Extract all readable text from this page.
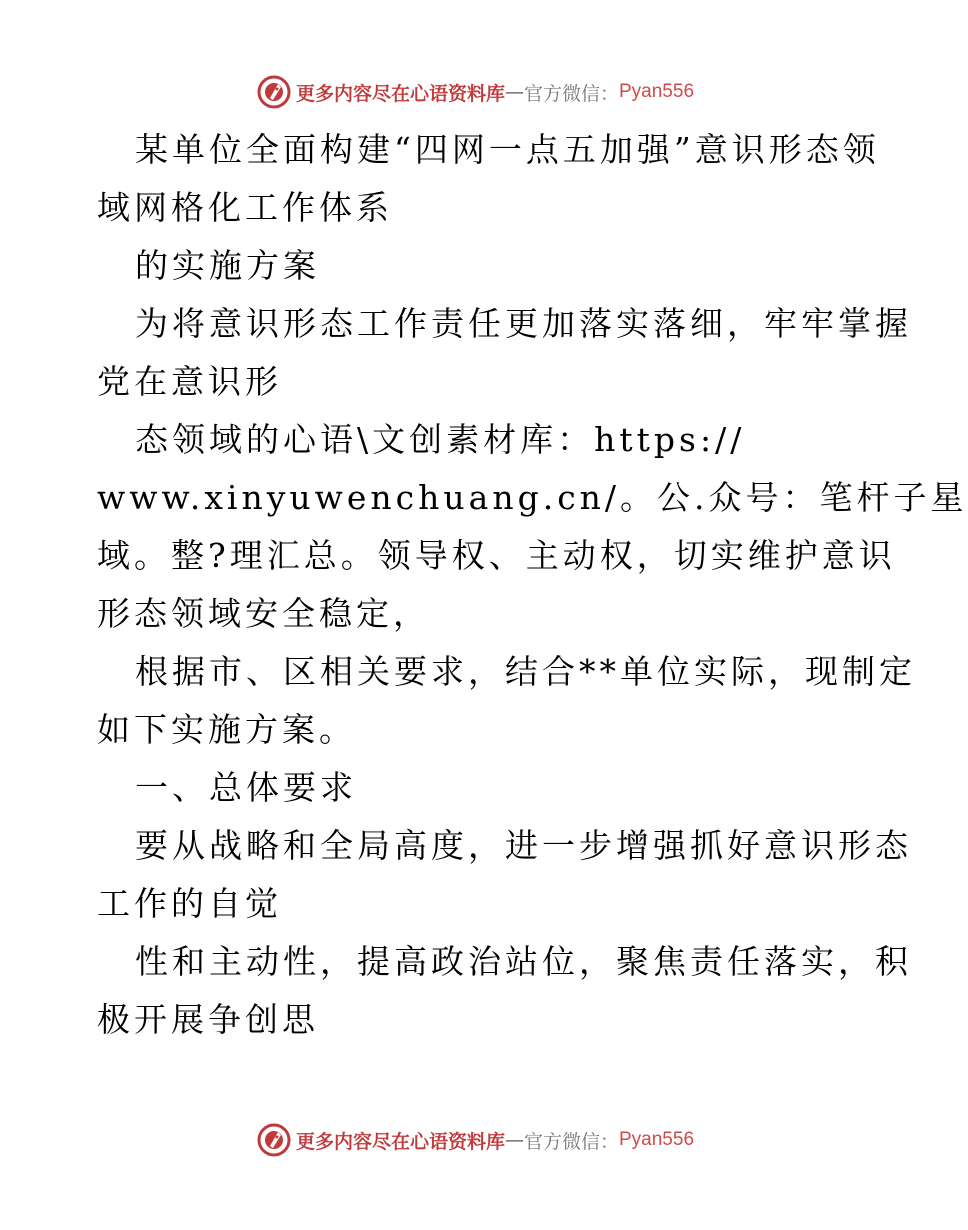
更多内容尽在心语资料库 — 官方微信： Pyan556
某单位全面构建“四网一点五加强”意识形态领
域网格化工作体系
的实施方案
为将意识形态工作责任更加落实落细，牢牢掌握
党在意识形
态领域的心语\文创素材库：https://
www.xinyuwenchuang.cn/。公.众号：笔杆子星
域。整?理汇总。领导权、主动权，切实维护意识
形态领域安全稳定，
根据市、区相关要求，结合**单位实际，现制定
如下实施方案。
一、总体要求
要从战略和全局高度，进一步增强抓好意识形态
工作的自觉
性和主动性，提高政治站位，聚焦责任落实，积
极开展争创思
更多内容尽在心语资料库 — 官方微信： Pyan556
